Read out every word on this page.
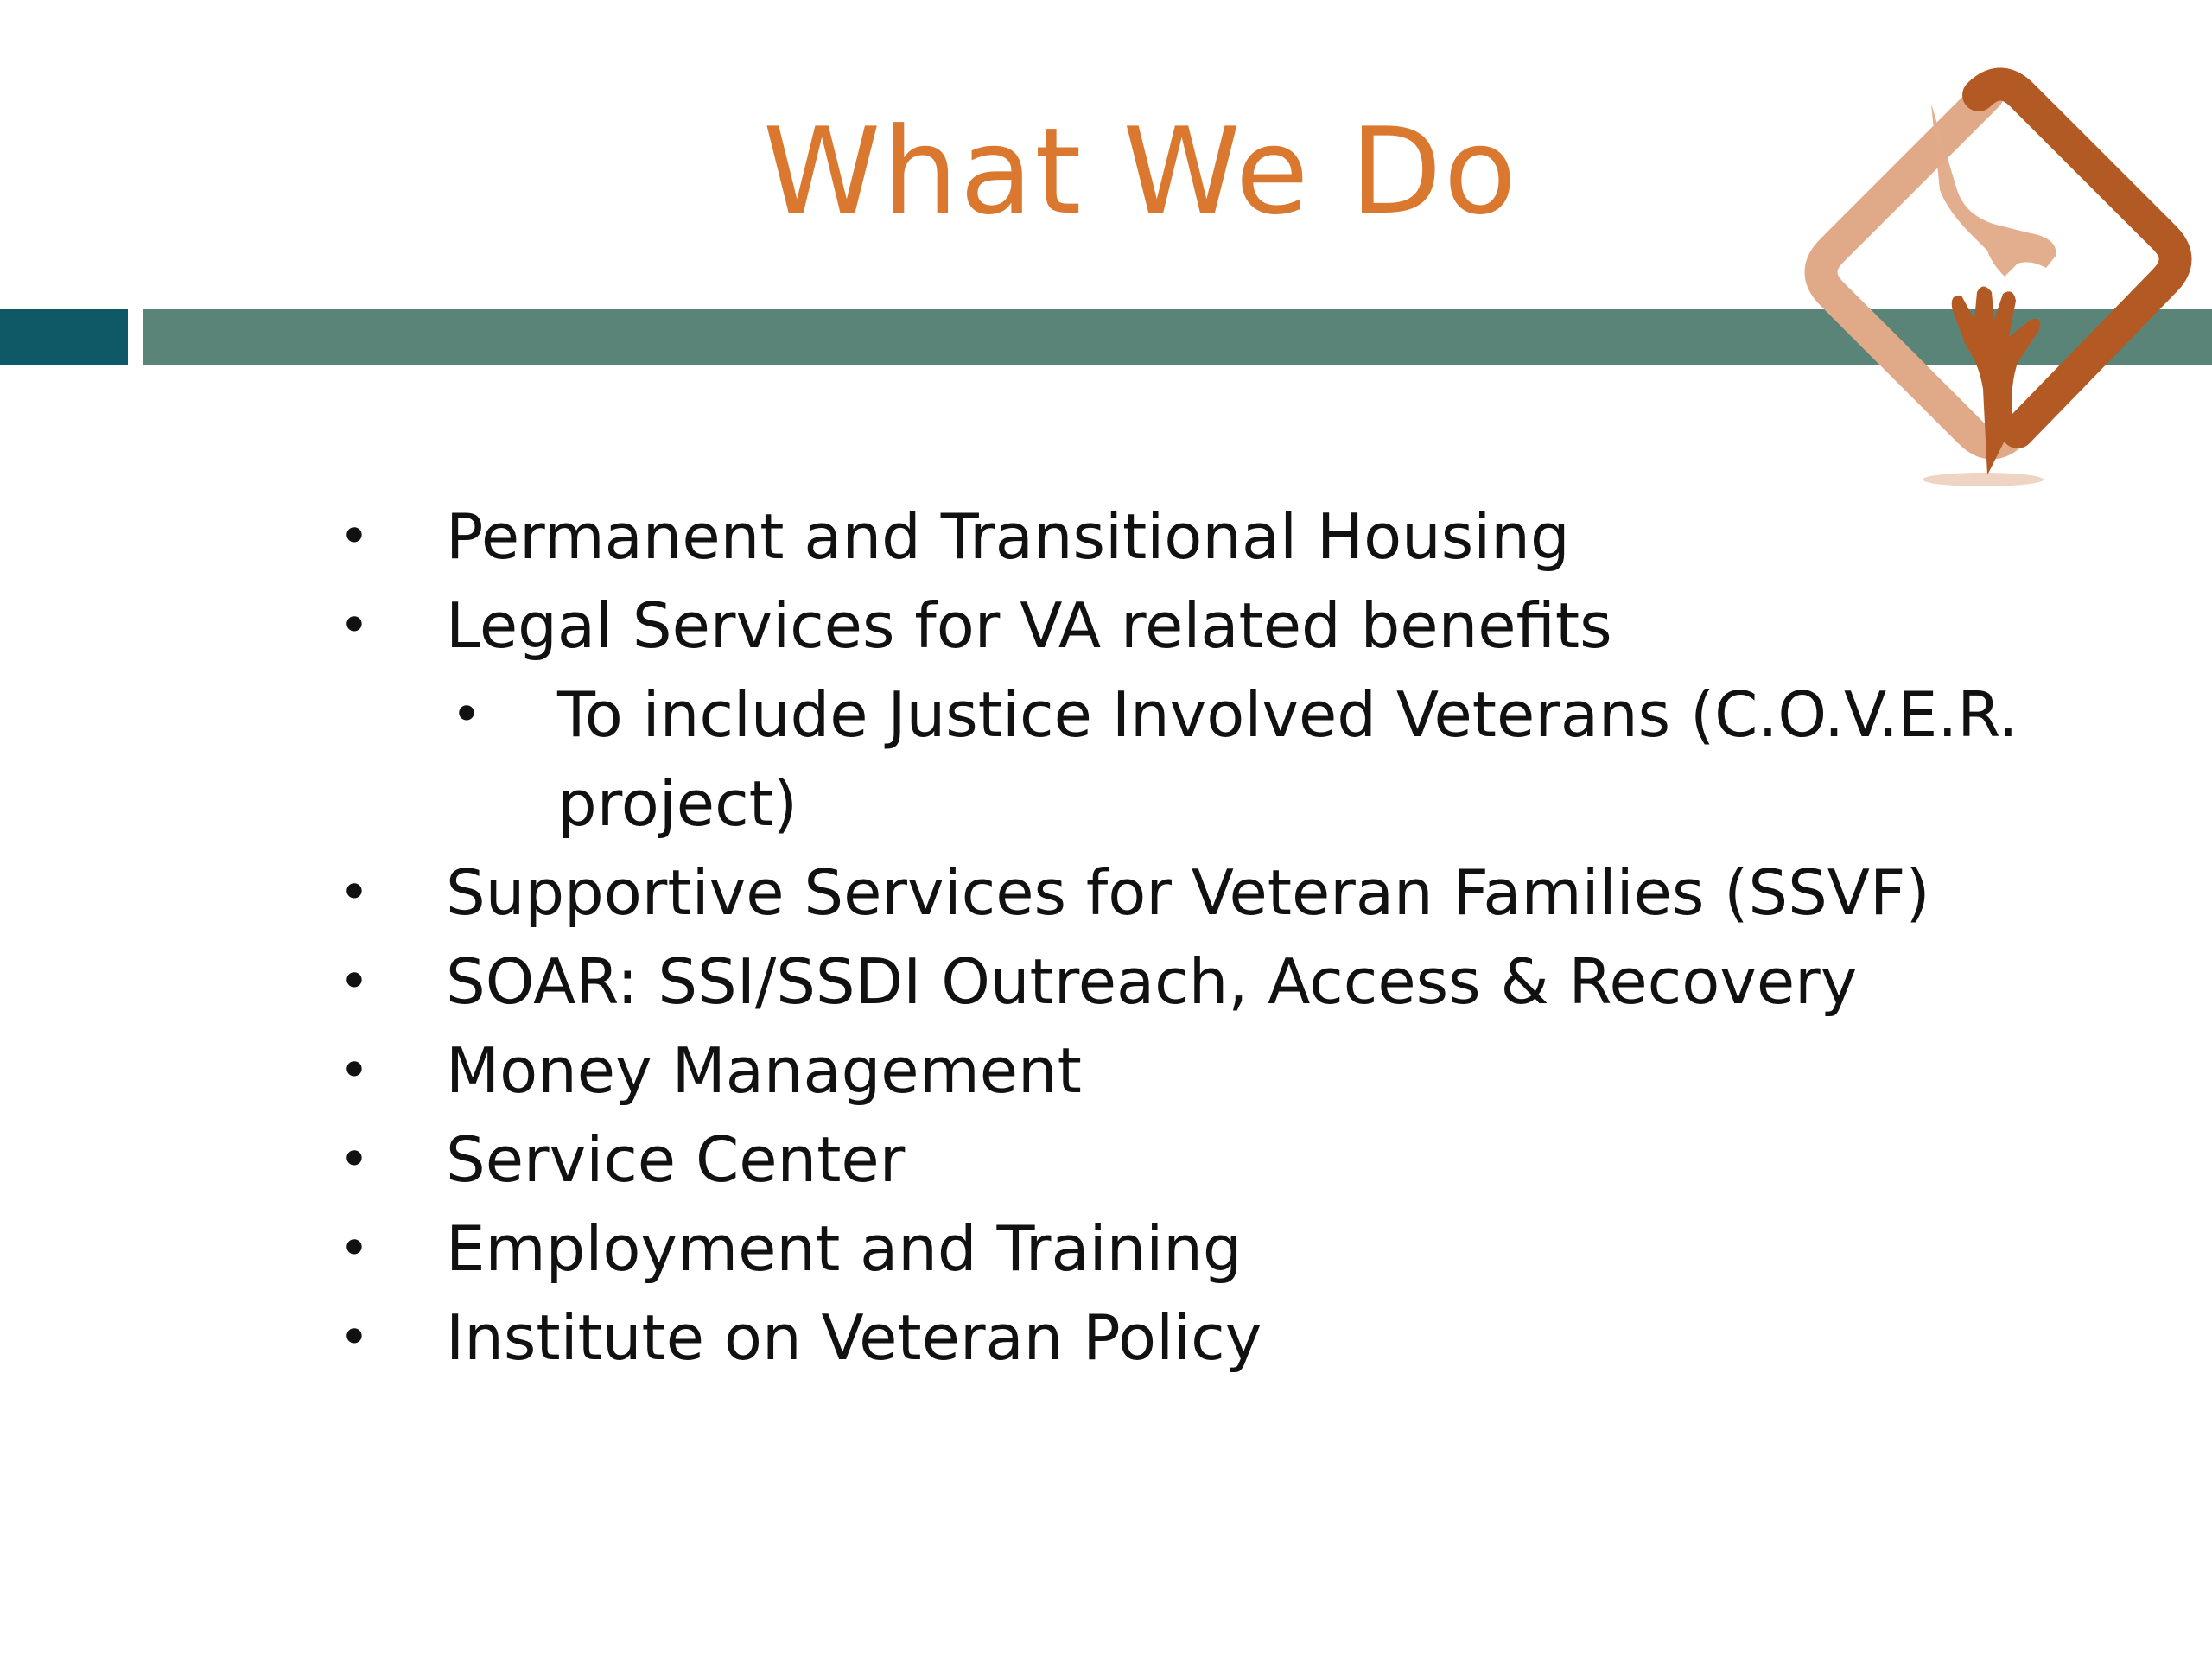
What We Do
•	Permanent and Transitional Housing
•	Legal Services for VA related benefits
•	To include Justice Involved Veterans (C.O.V.E.R. project)
•	Supportive Services for Veteran Families (SSVF)
•	SOAR: SSI/SSDI Outreach, Access & Recovery
•	Money Management
•	Service Center
•	Employment and Training
•	Institute on Veteran Policy
